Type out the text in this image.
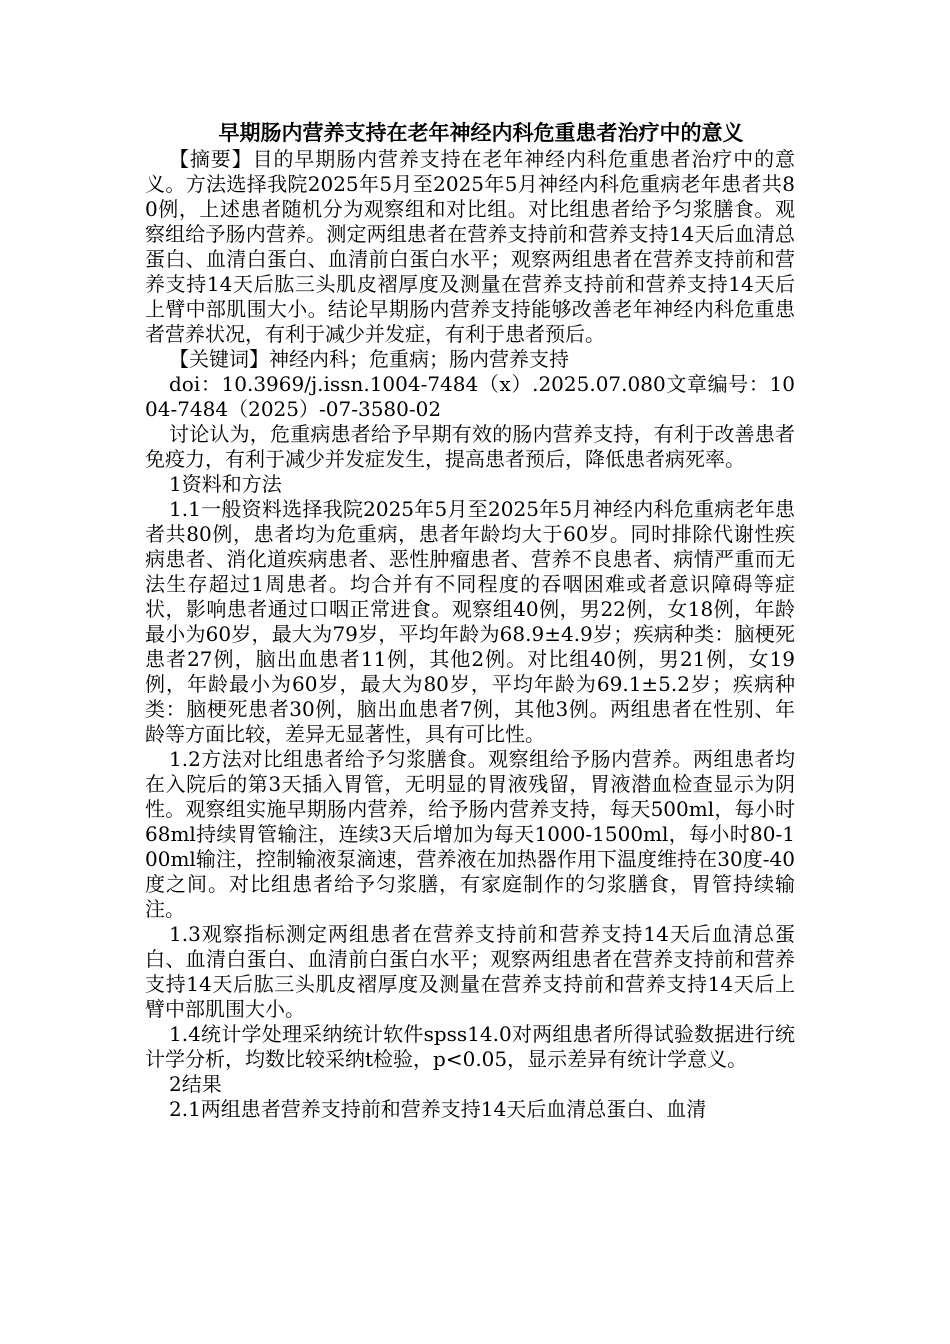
早期肠内营养支持在老年神经内科危重患者治疗中的意义

【摘要】目的早期肠内营养支持在老年神经内科危重患者治疗中的意义。方法选择我院2025年5月至2025年5月神经内科危重病老年患者共80例，上述患者随机分为观察组和对比组。对比组患者给予匀浆膳食。观察组给予肠内营养。测定两组患者在营养支持前和营养支持14天后血清总蛋白、血清白蛋白、血清前白蛋白水平；观察两组患者在营养支持前和营养支持14天后肱三头肌皮褶厚度及测量在营养支持前和营养支持14天后上臂中部肌围大小。结论早期肠内营养支持能够改善老年神经内科危重患者营养状况，有利于减少并发症，有利于患者预后。

【关键词】神经内科；危重病；肠内营养支持

doi：10.3969/j.issn.1004-7484（x）.2025.07.080文章编号：1004-7484（2025）-07-3580-02

讨论认为，危重病患者给予早期有效的肠内营养支持，有利于改善患者免疫力，有利于减少并发症发生，提高患者预后，降低患者病死率。

1资料和方法

1.1一般资料选择我院2025年5月至2025年5月神经内科危重病老年患者共80例，患者均为危重病，患者年龄均大于60岁。同时排除代谢性疾病患者、消化道疾病患者、恶性肿瘤患者、营养不良患者、病情严重而无法生存超过1周患者。均合并有不同程度的吞咽困难或者意识障碍等症状，影响患者通过口咽正常进食。观察组40例，男22例，女18例，年龄最小为60岁，最大为79岁，平均年龄为68.9±4.9岁；疾病种类：脑梗死患者27例，脑出血患者11例，其他2例。对比组40例，男21例，女19例，年龄最小为60岁，最大为80岁，平均年龄为69.1±5.2岁；疾病种类：脑梗死患者30例，脑出血患者7例，其他3例。两组患者在性别、年龄等方面比较，差异无显著性，具有可比性。

1.2方法对比组患者给予匀浆膳食。观察组给予肠内营养。两组患者均在入院后的第3天插入胃管，无明显的胃液残留，胃液潜血检查显示为阴性。观察组实施早期肠内营养，给予肠内营养支持，每天500ml，每小时68ml持续胃管输注，连续3天后增加为每天1000-1500ml，每小时80-100ml输注，控制输液泵滴速，营养液在加热器作用下温度维持在30度-40度之间。对比组患者给予匀浆膳，有家庭制作的匀浆膳食，胃管持续输注。

1.3观察指标测定两组患者在营养支持前和营养支持14天后血清总蛋白、血清白蛋白、血清前白蛋白水平；观察两组患者在营养支持前和营养支持14天后肱三头肌皮褶厚度及测量在营养支持前和营养支持14天后上臂中部肌围大小。

1.4统计学处理采纳统计软件spss14.0对两组患者所得试验数据进行统计学分析，均数比较采纳t检验，p<0.05，显示差异有统计学意义。

2结果

2.1两组患者营养支持前和营养支持14天后血清总蛋白、血清
